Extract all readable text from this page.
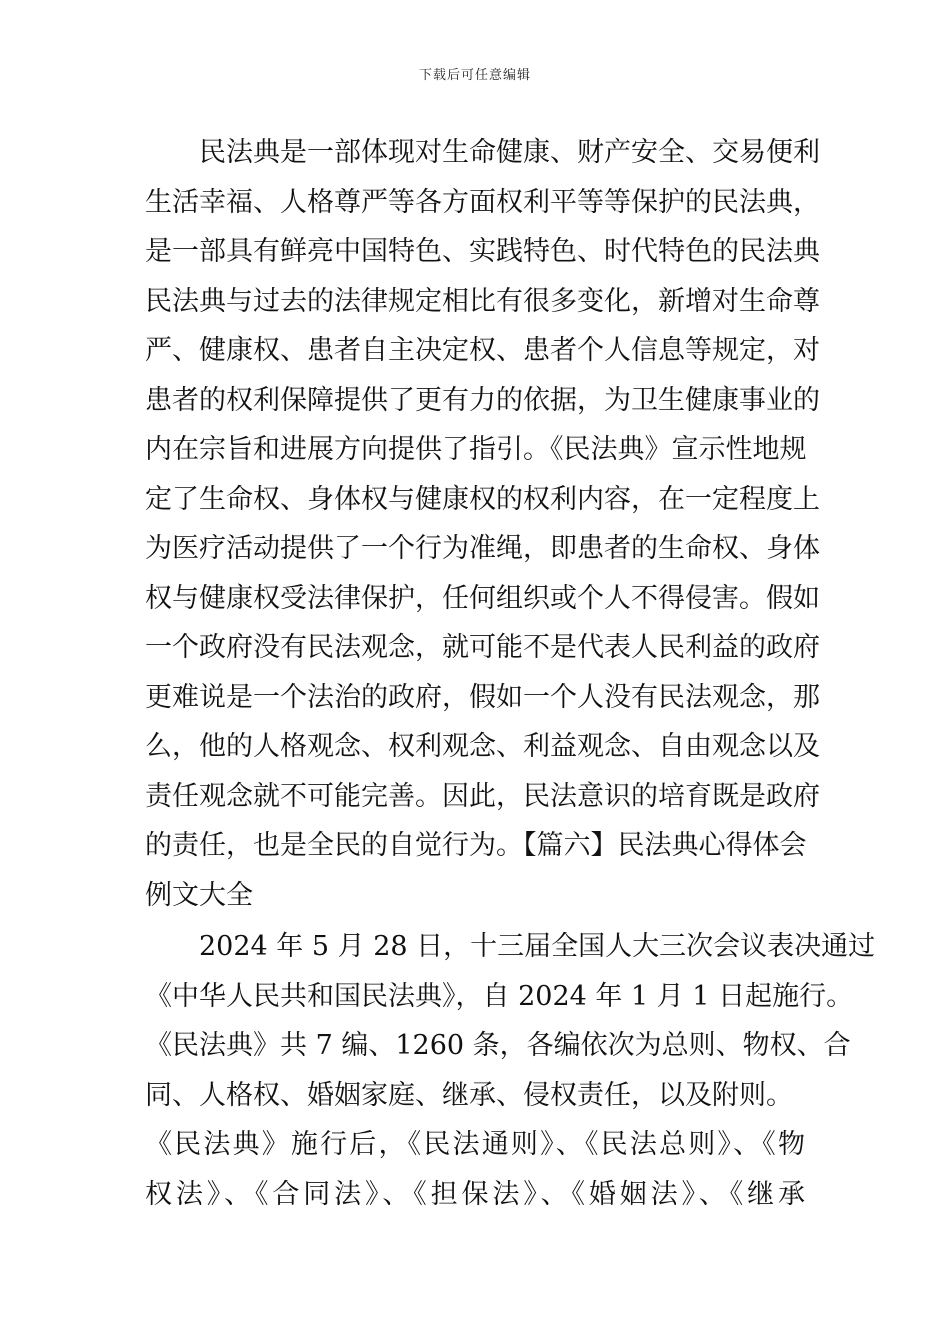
下载后可任意编辑
民法典是一部体现对生命健康、财产安全、交易便利
生活幸福、人格尊严等各方面权利平等等保护的民法典，
是一部具有鲜亮中国特色、实践特色、时代特色的民法典
民法典与过去的法律规定相比有很多变化，新增对生命尊
严、健康权、患者自主决定权、患者个人信息等规定，对
患者的权利保障提供了更有力的依据，为卫生健康事业的
内在宗旨和进展方向提供了指引。《民法典》宣示性地规
定了生命权、身体权与健康权的权利内容，在一定程度上
为医疗活动提供了一个行为准绳，即患者的生命权、身体
权与健康权受法律保护，任何组织或个人不得侵害。假如
一个政府没有民法观念，就可能不是代表人民利益的政府
更难说是一个法治的政府，假如一个人没有民法观念，那
么，他的人格观念、权利观念、利益观念、自由观念以及
责任观念就不可能完善。因此，民法意识的培育既是政府
的责任，也是全民的自觉行为。【篇六】民法典心得体会
例文大全
2024 年 5 月 28 日，十三届全国人大三次会议表决通过
《中华人民共和国民法典》，自 2024 年 1 月 1 日起施行。
《民法典》共 7 编、1260 条，各编依次为总则、物权、合
同、人格权、婚姻家庭、继承、侵权责任，以及附则。
《民法典》施行后，《民法通则》、《民法总则》、《物
权法》、《合同法》、《担保法》、《婚姻法》、《继承
